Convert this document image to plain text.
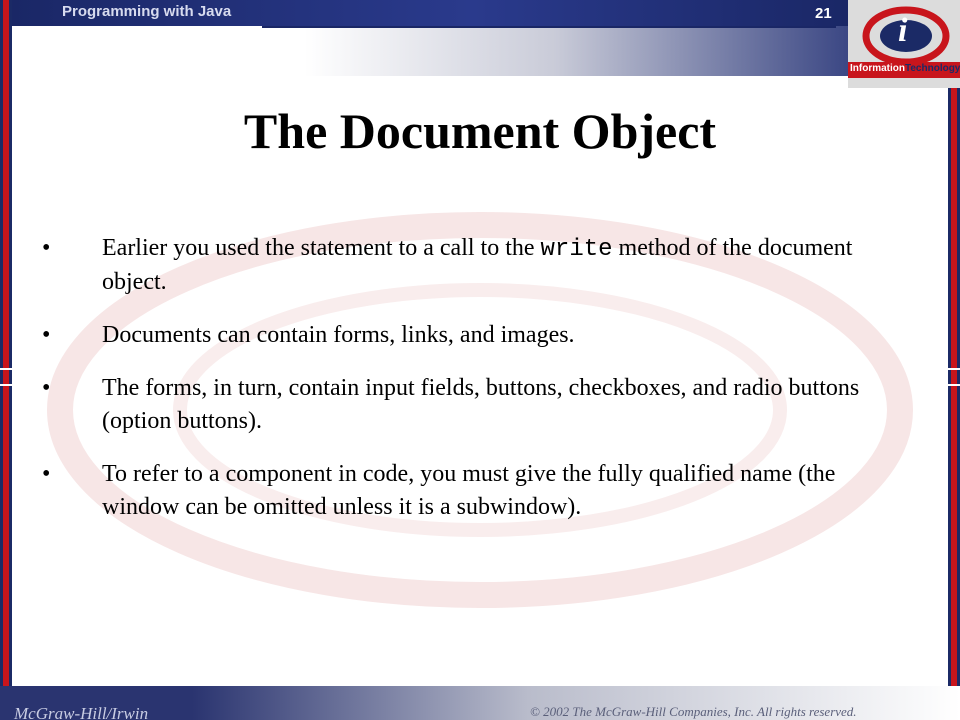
Programming with Java	21 i
InformationTechnology
The Document Object
• Earlier you used the statement to a call to the write method of the document object.
• Documents can contain forms, links, and images.
• The forms, in turn, contain input fields, buttons, checkboxes, and radio buttons (option buttons).
• To refer to a component in code, you must give the fully qualified name (the window can be omitted unless it is a subwindow).
McGraw-Hill/Irwin	© 2002 The McGraw-Hill Companies, Inc. All rights reserved.
